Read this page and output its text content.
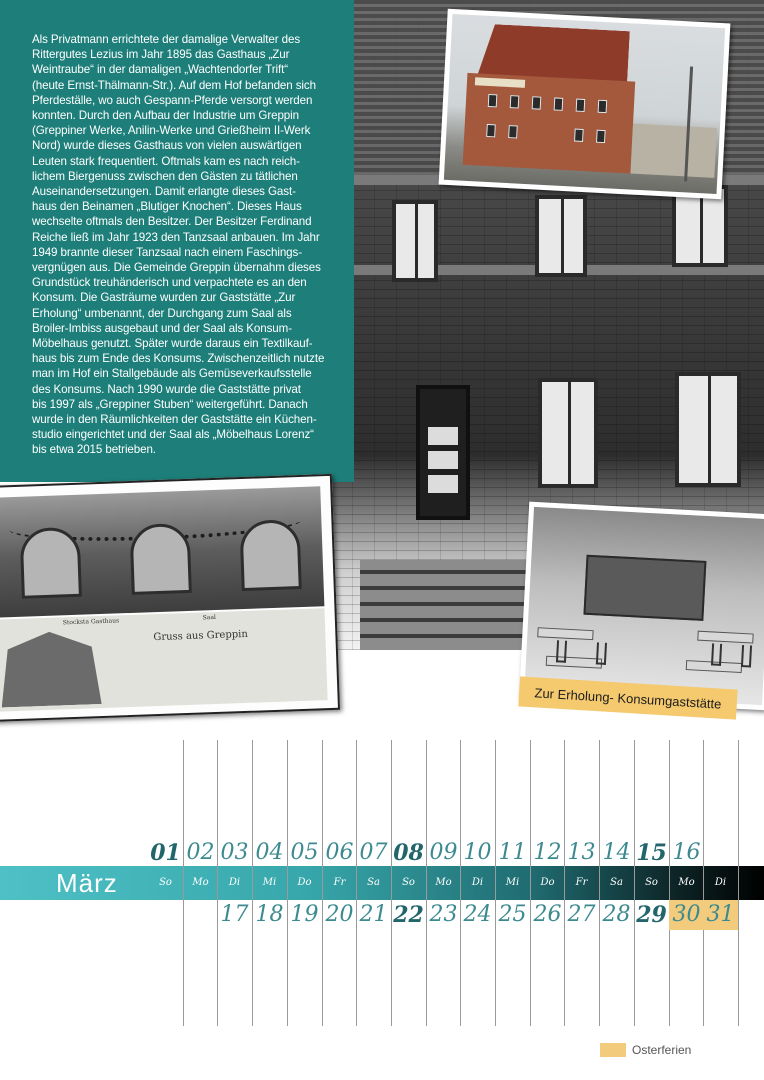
Als Privatmann errichtete der damalige Verwalter des
Rittergutes Lezius im Jahr 1895 das Gasthaus „Zur
Weintraube“ in der damaligen „Wachtendorfer Trift“
(heute Ernst-Thälmann-Str.). Auf dem Hof befanden sich
Pferdeställe, wo auch Gespann-Pferde versorgt werden
konnten. Durch den Aufbau der Industrie um Greppin
(Greppiner Werke, Anilin-Werke und Grießheim II-Werk
Nord) wurde dieses Gasthaus von vielen auswärtigen
Leuten stark frequentiert. Oftmals kam es nach reich-
lichem Biergenuss zwischen den Gästen zu tätlichen
Auseinandersetzungen. Damit erlangte dieses Gast-
haus den Beinamen „Blutiger Knochen“. Dieses Haus
wechselte oftmals den Besitzer. Der Besitzer Ferdinand
Reiche ließ im Jahr 1923 den Tanzsaal anbauen. Im Jahr
1949 brannte dieser Tanzsaal nach einem Faschings-
vergnügen aus. Die Gemeinde Greppin übernahm dieses
Grundstück treuhänderisch und verpachtete es an den
Konsum. Die Gasträume wurden zur Gaststätte „Zur
Erholung“ umbenannt, der Durchgang zum Saal als
Broiler-Imbiss ausgebaut und der Saal als Konsum-
Möbelhaus genutzt. Später wurde daraus ein Textilkauf-
haus bis zum Ende des Konsums. Zwischenzeitlich nutzte
man im Hof ein Stallgebäude als Gemüseverkaufsstelle
des Konsums. Nach 1990 wurde die Gaststätte privat
bis 1997 als „Greppiner Stuben“ weitergeführt. Danach
wurde in den Räumlichkeiten der Gaststätte ein Küchen-
studio eingerichtet und der Saal als „Möbelhaus Lorenz“
bis etwa 2015 betrieben.

Stocksta Gasthaus	Saal
Gruss aus Greppin
Zur Erholung- Konsumgaststätte
März
01
So
02
Mo
03
Di
04
Mi
05
Do
06
Fr
07
Sa
08
So
09
Mo
10
Di
11
Mi
12
Do
13
Fr
14
Sa
15
So
16
Mo	Di
17 18 19 20 21 22 23 24 25 26 27 28 29 30 31
Osterferien
